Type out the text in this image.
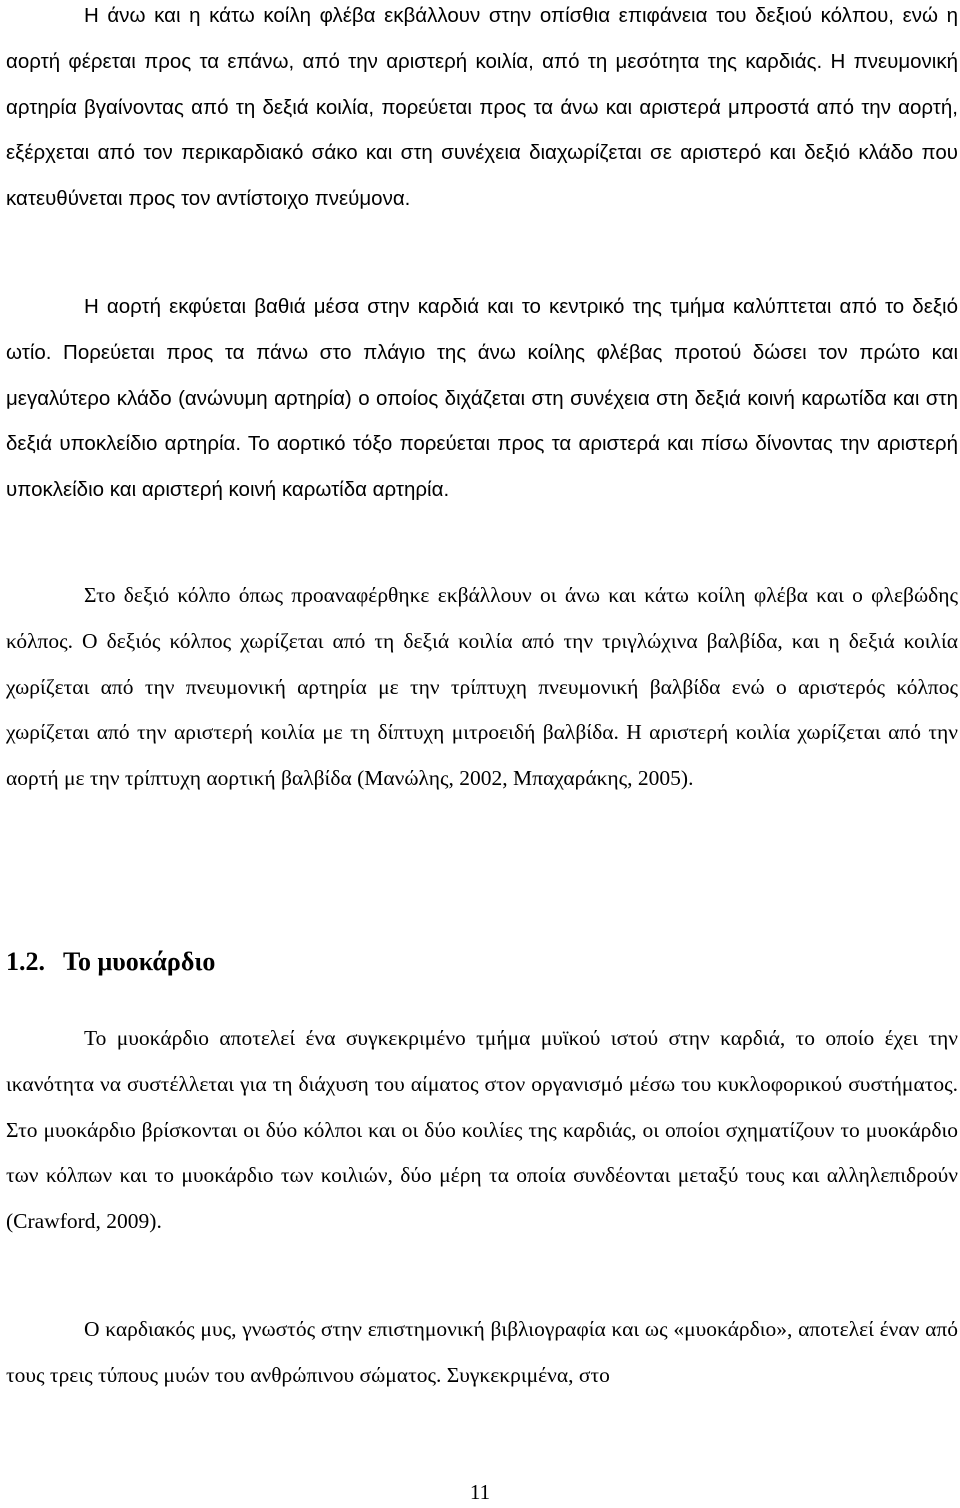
Η άνω και η κάτω κοίλη φλέβα εκβάλλουν στην οπίσθια επιφάνεια του δεξιού κόλπου, ενώ η αορτή φέρεται προς τα επάνω, από την αριστερή κοιλία, από τη μεσότητα της καρδιάς. Η πνευμονική αρτηρία βγαίνοντας από τη δεξιά κοιλία, πορεύεται προς τα άνω και αριστερά μπροστά από την αορτή, εξέρχεται από τον περικαρδιακό σάκο και στη συνέχεια διαχωρίζεται σε αριστερό και δεξιό κλάδο που κατευθύνεται προς τον αντίστοιχο πνεύμονα.

Η αορτή εκφύεται βαθιά μέσα στην καρδιά και το κεντρικό της τμήμα καλύπτεται από το δεξιό ωτίο. Πορεύεται προς τα πάνω στο πλάγιο της άνω κοίλης φλέβας προτού δώσει τον πρώτο και μεγαλύτερο κλάδο (ανώνυμη αρτηρία) ο οποίος διχάζεται στη συνέχεια στη δεξιά κοινή καρωτίδα και στη δεξιά υποκλείδιο αρτηρία. Το αορτικό τόξο πορεύεται προς τα αριστερά και πίσω δίνοντας την αριστερή υποκλείδιο και αριστερή κοινή καρωτίδα αρτηρία.

Στο δεξιό κόλπο όπως προαναφέρθηκε εκβάλλουν οι άνω και κάτω κοίλη φλέβα και ο φλεβώδης κόλπος. Ο δεξιός κόλπος χωρίζεται από τη δεξιά κοιλία από την τριγλώχινα βαλβίδα, και η δεξιά κοιλία χωρίζεται από την πνευμονική αρτηρία με την τρίπτυχη πνευμονική βαλβίδα ενώ ο αριστερός κόλπος χωρίζεται από την αριστερή κοιλία με τη δίπτυχη μιτροειδή βαλβίδα. Η αριστερή κοιλία χωρίζεται από την αορτή με την τρίπτυχη αορτική βαλβίδα (Μανώλης, 2002, Μπαχαράκης, 2005).

1.2. Το μυοκάρδιο

Το μυοκάρδιο αποτελεί ένα συγκεκριμένο τμήμα μυϊκού ιστού στην καρδιά, το οποίο έχει την ικανότητα να συστέλλεται για τη διάχυση του αίματος στον οργανισμό μέσω του κυκλοφορικού συστήματος. Στο μυοκάρδιο βρίσκονται οι δύο κόλποι και οι δύο κοιλίες της καρδιάς, οι οποίοι σχηματίζουν το μυοκάρδιο των κόλπων και το μυοκάρδιο των κοιλιών, δύο μέρη τα οποία συνδέονται μεταξύ τους και αλληλεπιδρούν (Crawford, 2009).

Ο καρδιακός μυς, γνωστός στην επιστημονική βιβλιογραφία και ως «μυοκάρδιο», αποτελεί έναν από τους τρεις τύπους μυών του ανθρώπινου σώματος. Συγκεκριμένα, στο

11
